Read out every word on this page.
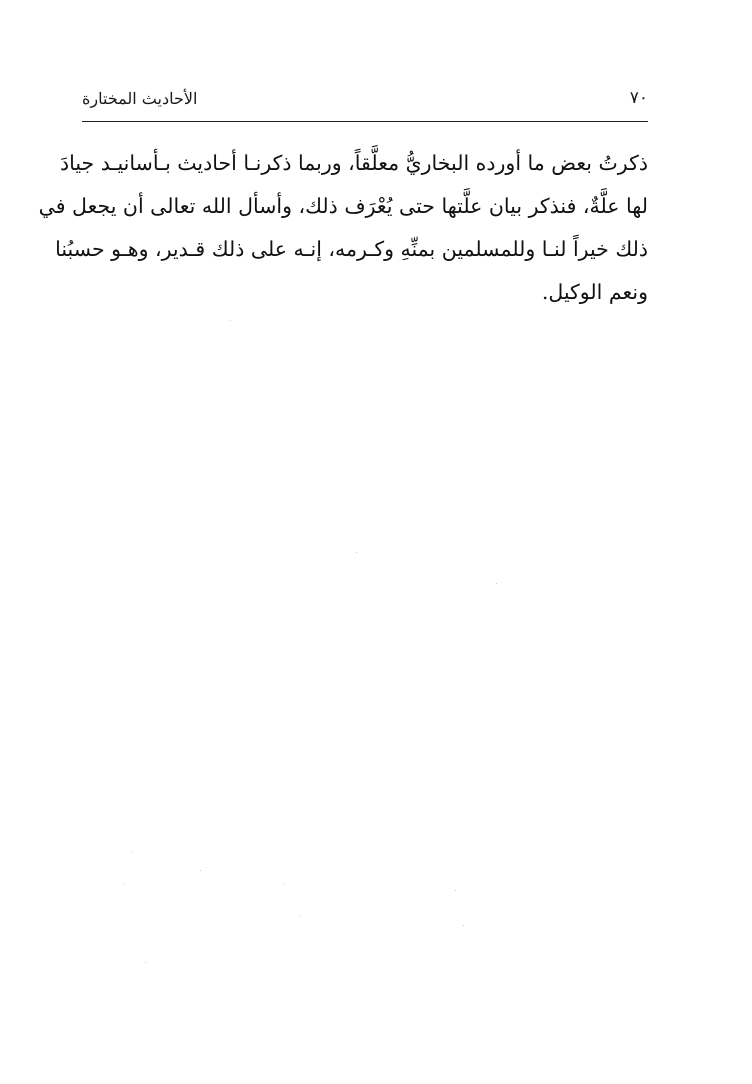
٧٠
الأحاديث المختارة
ذكرتُ بعض ما أورده البخاريُّ معلَّقاً، وربما ذكرنـا أحاديث بـأسانيـد جيادَ
لها علَّةٌ، فنذكر بيان علَّتها حتى يُعْرَف ذلك، وأسأل الله تعالى أن يجعل في
ذلك خيراً لنـا وللمسلمين بمنِّهِ وكـرمه، إنـه على ذلك قـدير، وهـو حسبُنا
ونعم الوكيل.
